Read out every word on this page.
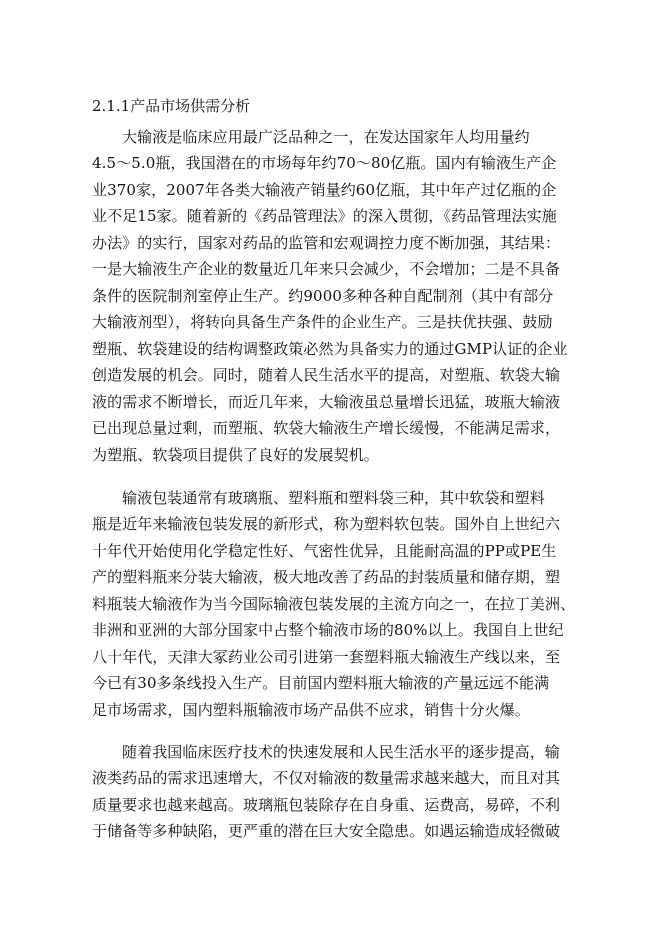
2.1.1产品市场供需分析
大输液是临床应用最广泛品种之一，在发达国家年人均用量约
4.5～5.0瓶，我国潜在的市场每年约70～80亿瓶。国内有输液生产企
业370家，2007年各类大输液产销量约60亿瓶，其中年产过亿瓶的企
业不足15家。随着新的《药品管理法》的深入贯彻，《药品管理法实施
办法》的实行，国家对药品的监管和宏观调控力度不断加强，其结果：
一是大输液生产企业的数量近几年来只会减少，不会增加；二是不具备
条件的医院制剂室停止生产。约9000多种各种自配制剂（其中有部分
大输液剂型），将转向具备生产条件的企业生产。三是扶优扶强、鼓励
塑瓶、软袋建设的结构调整政策必然为具备实力的通过GMP认证的企业
创造发展的机会。同时，随着人民生活水平的提高，对塑瓶、软袋大输
液的需求不断增长，而近几年来，大输液虽总量增长迅猛，玻瓶大输液
已出现总量过剩，而塑瓶、软袋大输液生产增长缓慢，不能满足需求，
为塑瓶、软袋项目提供了良好的发展契机。
输液包装通常有玻璃瓶、塑料瓶和塑料袋三种，其中软袋和塑料
瓶是近年来输液包装发展的新形式，称为塑料软包装。国外自上世纪六
十年代开始使用化学稳定性好、气密性优异，且能耐高温的PP或PE生
产的塑料瓶来分装大输液，极大地改善了药品的封装质量和储存期，塑
料瓶装大输液作为当今国际输液包装发展的主流方向之一，在拉丁美洲、
非洲和亚洲的大部分国家中占整个输液市场的80%以上。我国自上世纪
八十年代，天津大冢药业公司引进第一套塑料瓶大输液生产线以来，至
今已有30多条线投入生产。目前国内塑料瓶大输液的产量远远不能满
足市场需求，国内塑料瓶输液市场产品供不应求，销售十分火爆。
随着我国临床医疗技术的快速发展和人民生活水平的逐步提高，输
液类药品的需求迅速增大，不仅对输液的数量需求越来越大，而且对其
质量要求也越来越高。玻璃瓶包装除存在自身重、运费高，易碎，不利
于储备等多种缺陷，更严重的潜在巨大安全隐患。如遇运输造成轻微破
